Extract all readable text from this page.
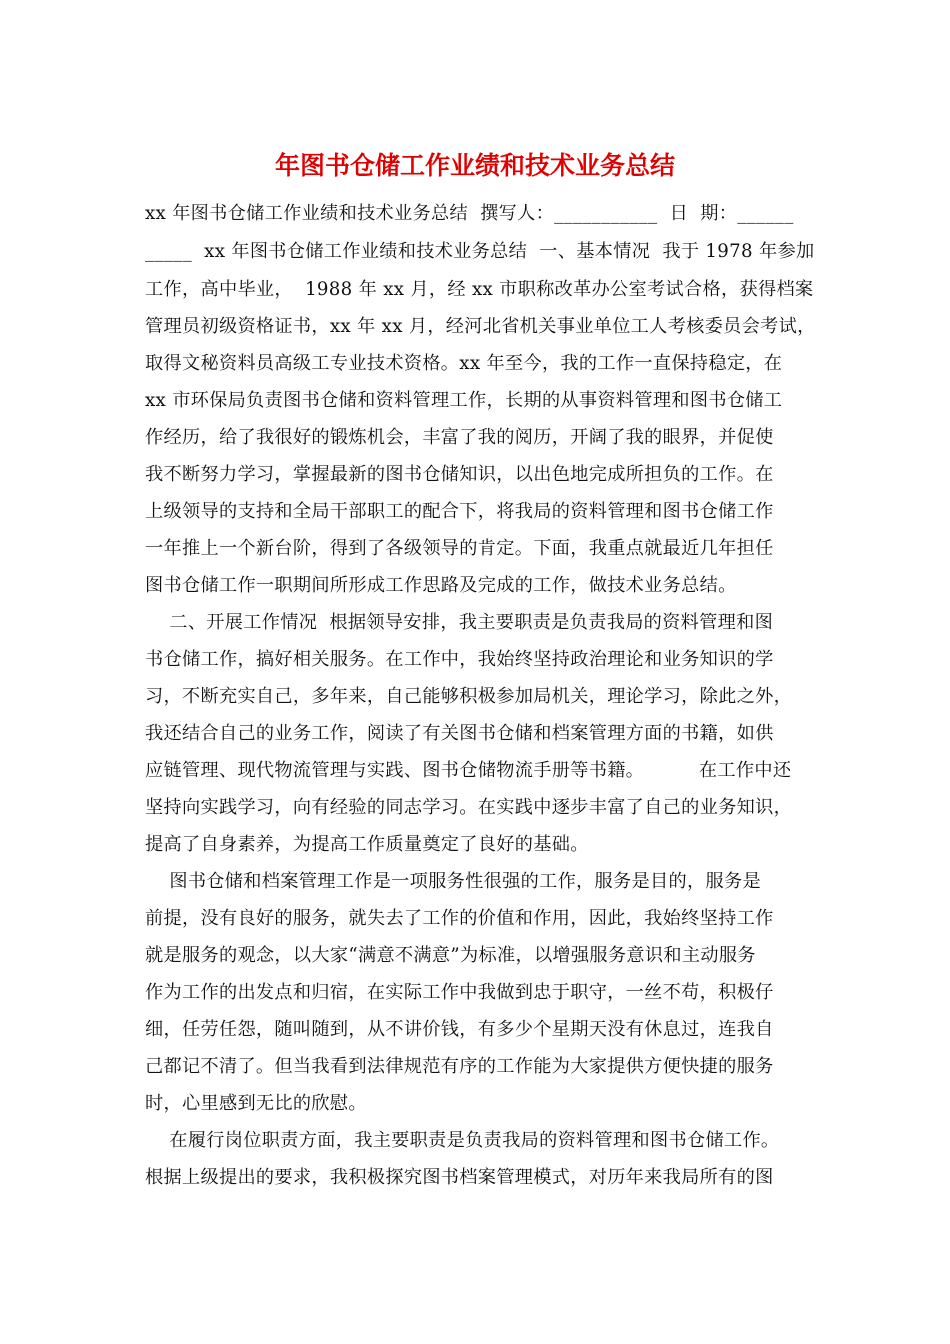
年图书仓储工作业绩和技术业务总结
xx 年图书仓储工作业绩和技术业务总结  撰写人：___________  日  期：______
_____  xx 年图书仓储工作业绩和技术业务总结  一、基本情况  我于 1978 年参加
工作，高中毕业，  1988 年 xx 月，经 xx 市职称改革办公室考试合格，获得档案
管理员初级资格证书，xx 年 xx 月，经河北省机关事业单位工人考核委员会考试，
取得文秘资料员高级工专业技术资格。xx 年至今，我的工作一直保持稳定，在
xx 市环保局负责图书仓储和资料管理工作，长期的从事资料管理和图书仓储工
作经历，给了我很好的锻炼机会，丰富了我的阅历，开阔了我的眼界，并促使
我不断努力学习，掌握最新的图书仓储知识，以出色地完成所担负的工作。在
上级领导的支持和全局干部职工的配合下，将我局的资料管理和图书仓储工作
一年推上一个新台阶，得到了各级领导的肯定。下面，我重点就最近几年担任
图书仓储工作一职期间所形成工作思路及完成的工作，做技术业务总结。
二、开展工作情况  根据领导安排，我主要职责是负责我局的资料管理和图
书仓储工作，搞好相关服务。在工作中，我始终坚持政治理论和业务知识的学
习，不断充实自己，多年来，自己能够积极参加局机关，理论学习，除此之外，
我还结合自己的业务工作，阅读了有关图书仓储和档案管理方面的书籍，如供
应链管理、现代物流管理与实践、图书仓储物流手册等书籍。         在工作中还
坚持向实践学习，向有经验的同志学习。在实践中逐步丰富了自己的业务知识，
提高了自身素养，为提高工作质量奠定了良好的基础。
图书仓储和档案管理工作是一项服务性很强的工作，服务是目的，服务是
前提，没有良好的服务，就失去了工作的价值和作用，因此，我始终坚持工作
就是服务的观念，以大家“满意不满意”为标准，以增强服务意识和主动服务
作为工作的出发点和归宿，在实际工作中我做到忠于职守，一丝不苟，积极仔
细，任劳任怨，随叫随到，从不讲价钱，有多少个星期天没有休息过，连我自
己都记不清了。但当我看到法律规范有序的工作能为大家提供方便快捷的服务
时，心里感到无比的欣慰。
在履行岗位职责方面，我主要职责是负责我局的资料管理和图书仓储工作。
根据上级提出的要求，我积极探究图书档案管理模式，对历年来我局所有的图
